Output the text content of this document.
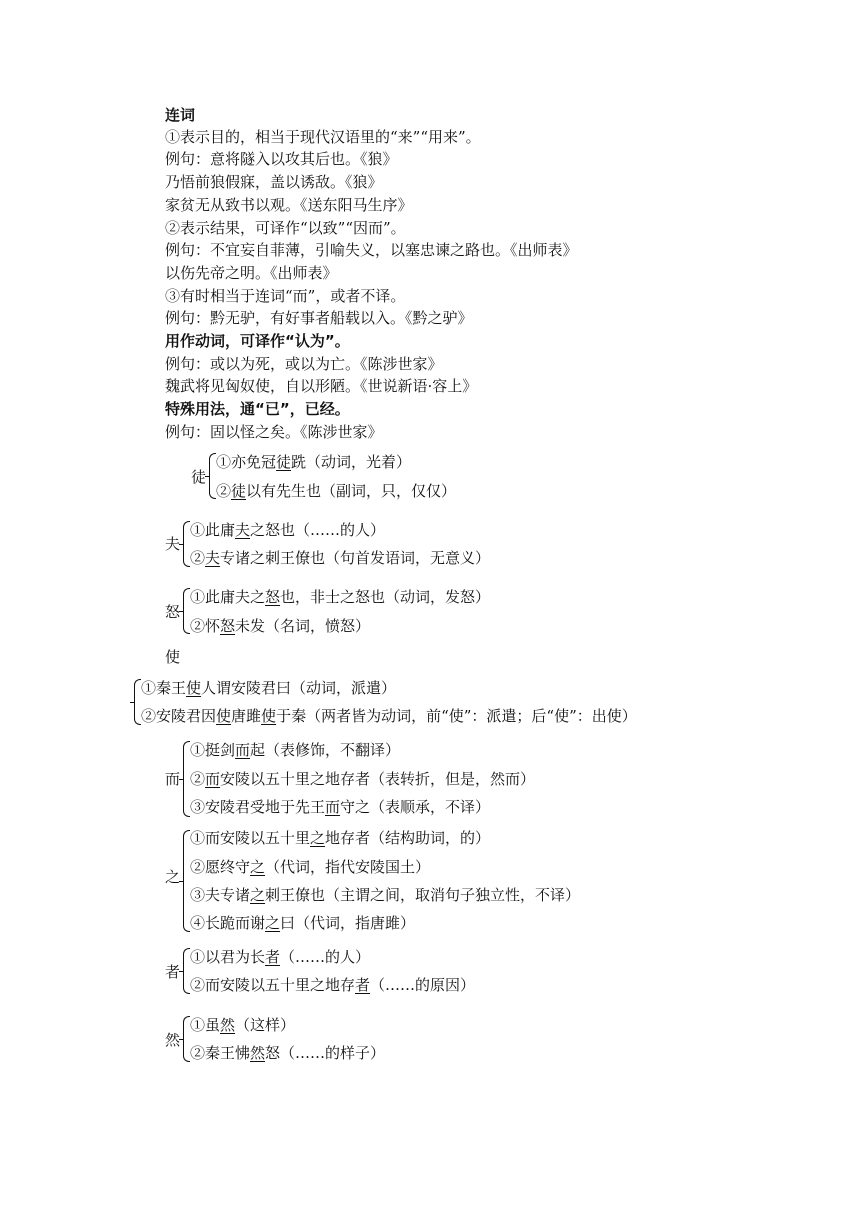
连词
①表示目的，相当于现代汉语里的“来”“用来”。
例句：意将隧入以攻其后也。《狼》
乃悟前狼假寐，盖以诱敌。《狼》
家贫无从致书以观。《送东阳马生序》
②表示结果，可译作“以致”“因而”。
例句：不宜妄自菲薄，引喻失义，以塞忠谏之路也。《出师表》
以伤先帝之明。《出师表》
③有时相当于连词“而”，或者不译。
例句：黔无驴，有好事者船载以入。《黔之驴》
用作动词，可译作“认为”。
例句：或以为死，或以为亡。《陈涉世家》
魏武将见匈奴使，自以形陋。《世说新语·容上》
特殊用法，通“已”，已经。
例句：固以怪之矣。《陈涉世家》
徒
①亦免冠徒跣（动词，光着）
②徒以有先生也（副词，只，仅仅）
夫
①此庸夫之怒也（……的人）
②夫专诸之刺王僚也（句首发语词，无意义）
怒
①此庸夫之怒也，非士之怒也（动词，发怒）
②怀怒未发（名词，愤怒）
使
①秦王使人谓安陵君曰（动词，派遣）
②安陵君因使唐雎使于秦（两者皆为动词，前“使”：派遣；后“使”：出使）
而
①挺剑而起（表修饰，不翻译）
②而安陵以五十里之地存者（表转折，但是，然而）
③安陵君受地于先王而守之（表顺承，不译）
之
①而安陵以五十里之地存者（结构助词，的）
②愿终守之（代词，指代安陵国土）
③夫专诸之刺王僚也（主谓之间，取消句子独立性，不译）
④长跪而谢之曰（代词，指唐雎）
者
①以君为长者（……的人）
②而安陵以五十里之地存者（……的原因）
然
①虽然（这样）
②秦王怫然怒（……的样子）
